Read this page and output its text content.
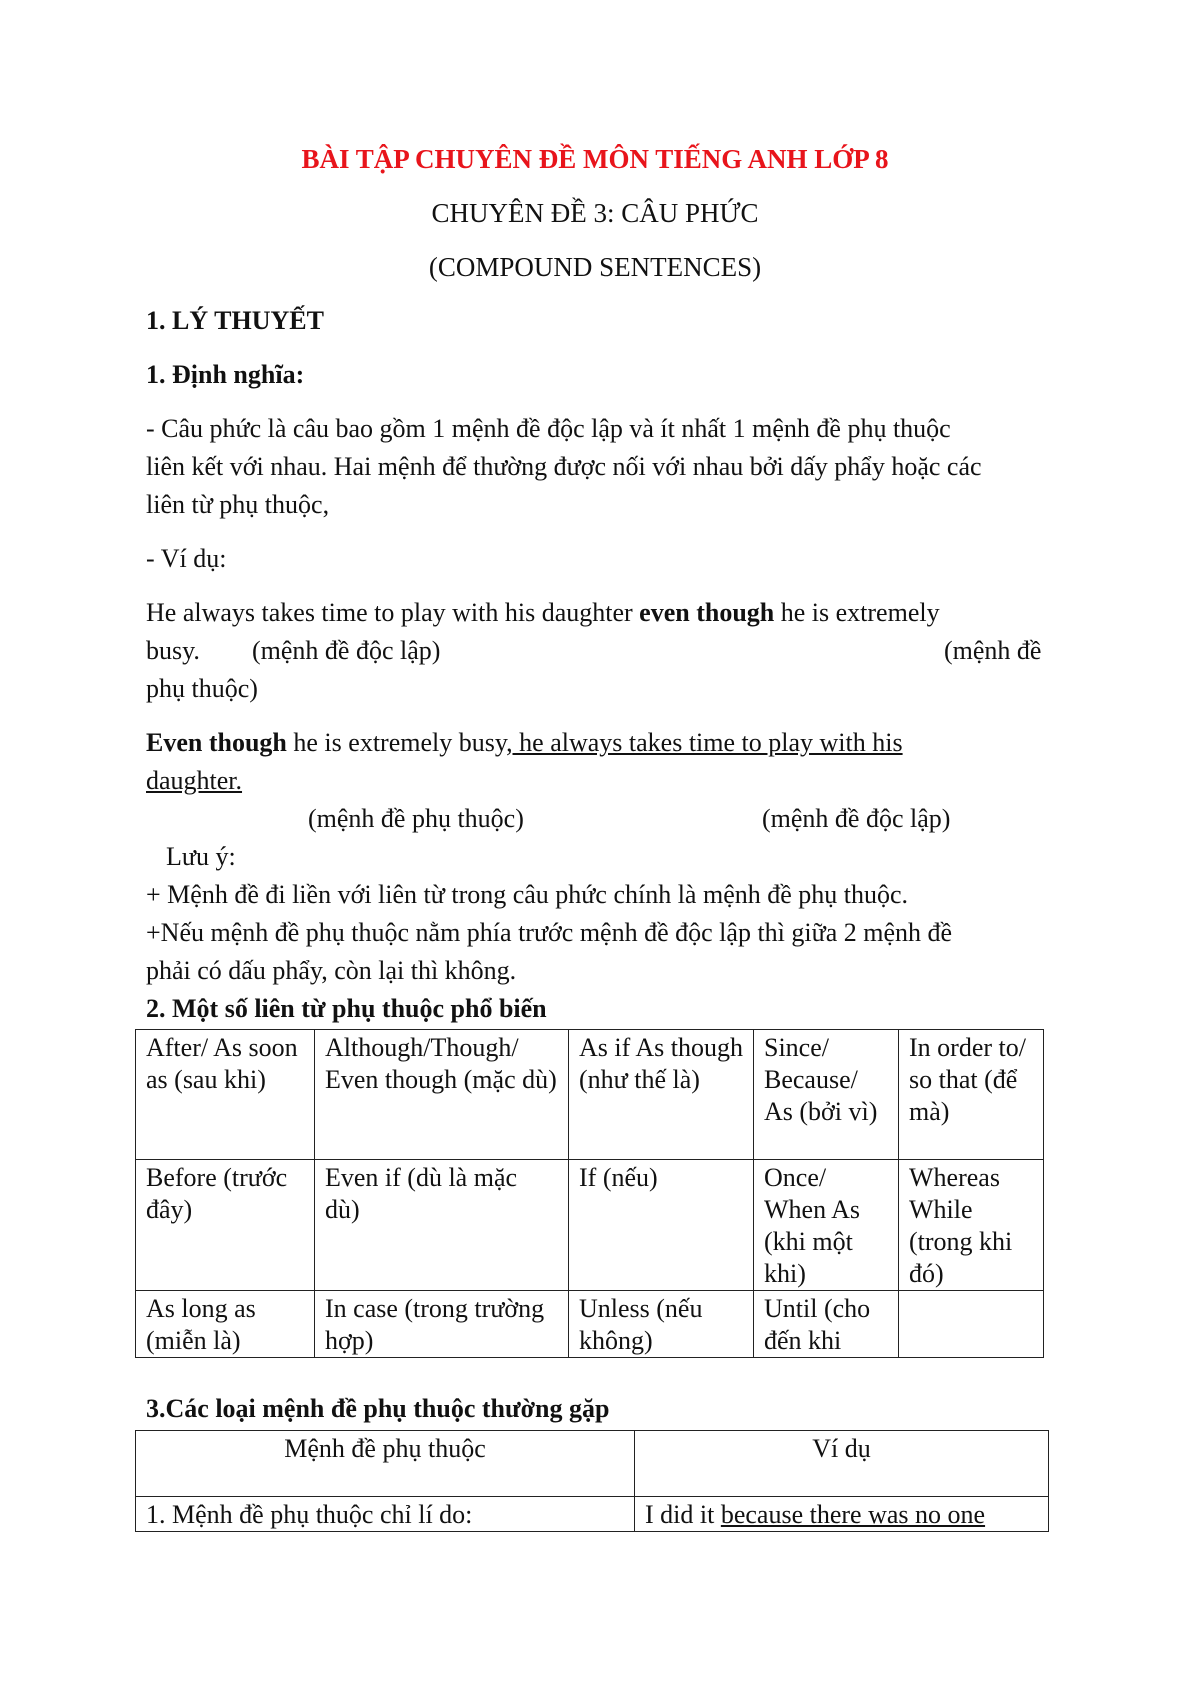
BÀI TẬP CHUYÊN ĐỀ MÔN TIẾNG ANH LỚP 8
CHUYÊN ĐỀ 3: CÂU PHỨC
(COMPOUND SENTENCES)
1. LÝ THUYẾT
1. Định nghĩa:
- Câu phức là câu bao gồm 1 mệnh đề độc lập và ít nhất 1 mệnh đề phụ thuộc
liên kết với nhau. Hai mệnh để thường được nối với nhau bởi dấy phẩy hoặc các
liên từ phụ thuộc,
- Ví dụ:
He always takes time to play with his daughter even though he is extremely
busy. (mệnh đề độc lập)	(mệnh đề
phụ thuộc)
Even though he is extremely busy, he always takes time to play with his
daughter.
(mệnh đề phụ thuộc)	(mệnh đề độc lập)
Lưu ý:
+ Mệnh đề đi liền với liên từ trong câu phức chính là mệnh đề phụ thuộc.
+Nếu mệnh đề phụ thuộc nằm phía trước mệnh đề độc lập thì giữa 2 mệnh đề
phải có dấu phẩy, còn lại thì không.
2. Một số liên từ phụ thuộc phổ biến
After/ As soon as (sau khi)	Although/Though/ Even though (mặc dù)	As if As though (như thế là)	Since/ Because/ As (bởi vì)	In order to/ so that (để mà)
Before (trước đây)	Even if (dù là mặc dù)	If (nếu)	Once/ When As (khi một khi)	Whereas While (trong khi đó)
As long as (miễn là)	In case (trong trường hợp)	Unless (nếu không)	Until (cho đến khi	
3.Các loại mệnh đề phụ thuộc thường gặp
Mệnh đề phụ thuộc	Ví dụ
1. Mệnh đề phụ thuộc chỉ lí do:	I did it because there was no one
